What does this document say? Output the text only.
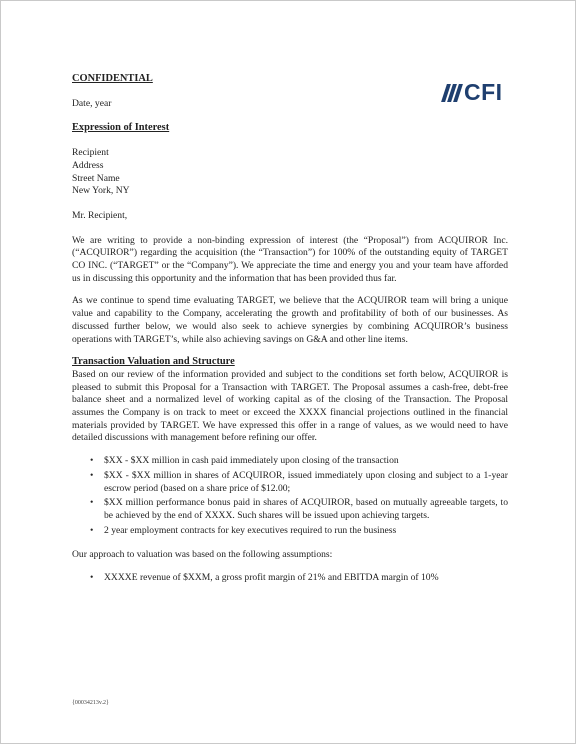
CFI

CONFIDENTIAL

Date, year

Expression of Interest

Recipient
Address
Street Name
New York, NY

Mr. Recipient,

We are writing to provide a non-binding expression of interest (the “Proposal”) from ACQUIROR Inc. (“ACQUIROR”) regarding the acquisition (the “Transaction”) for 100% of the outstanding equity of TARGET CO INC. (“TARGET” or the “Company”). We appreciate the time and energy you and your team have afforded us in discussing this opportunity and the information that has been provided thus far.

As we continue to spend time evaluating TARGET, we believe that the ACQUIROR team will bring a unique value and capability to the Company, accelerating the growth and profitability of both of our businesses. As discussed further below, we would also seek to achieve synergies by combining ACQUIROR’s business operations with TARGET’s, while also achieving savings on G&A and other line items.

Transaction Valuation and Structure

Based on our review of the information provided and subject to the conditions set forth below, ACQUIROR is pleased to submit this Proposal for a Transaction with TARGET. The Proposal assumes a cash-free, debt-free balance sheet and a normalized level of working capital as of the closing of the Transaction. The Proposal assumes the Company is on track to meet or exceed the XXXX financial projections outlined in the financial materials provided by TARGET. We have expressed this offer in a range of values, as we would need to have detailed discussions with management before refining our offer.

• $XX - $XX million in cash paid immediately upon closing of the transaction
• $XX - $XX million in shares of ACQUIROR, issued immediately upon closing and subject to a 1-year escrow period (based on a share price of $12.00;
• $XX million performance bonus paid in shares of ACQUIROR, based on mutually agreeable targets, to be achieved by the end of XXXX. Such shares will be issued upon achieving targets.
• 2 year employment contracts for key executives required to run the business

Our approach to valuation was based on the following assumptions:

• XXXXE revenue of $XXM, a gross profit margin of 21% and EBITDA margin of 10%
{00034213v.2}
